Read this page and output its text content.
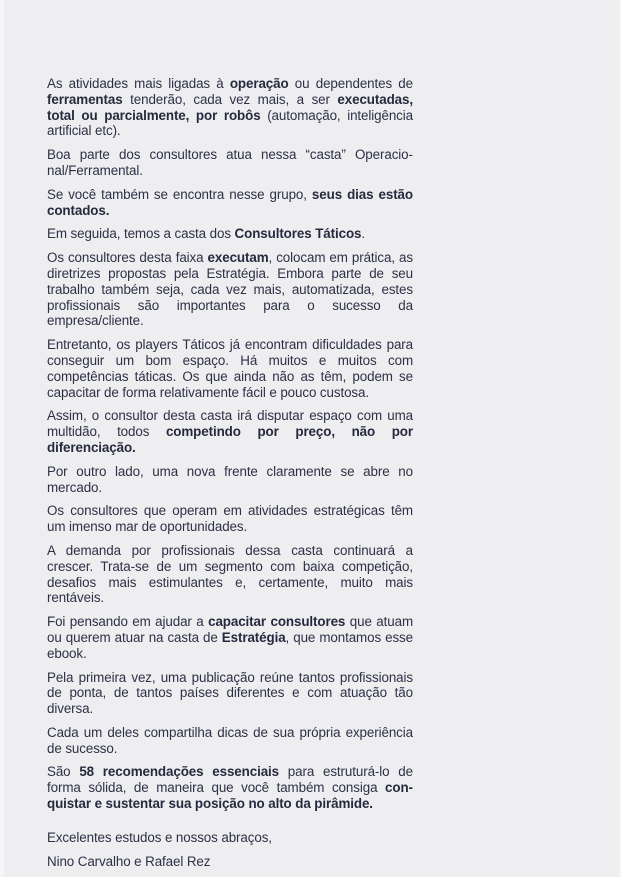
As atividades mais ligadas à operação ou dependentes de ferramentas tenderão, cada vez mais, a ser executadas, total ou parcialmente, por robôs (automação, inteligência artificial etc).

Boa parte dos consultores atua nessa “casta” Operacional/Ferramental.

Se você também se encontra nesse grupo, seus dias estão contados.

Em seguida, temos a casta dos Consultores Táticos.

Os consultores desta faixa executam, colocam em prática, as diretrizes propostas pela Estratégia. Embora parte de seu trabalho também seja, cada vez mais, automatizada, estes profissionais são importantes para o sucesso da empresa/cliente.

Entretanto, os players Táticos já encontram dificuldades para conseguir um bom espaço. Há muitos e muitos com competências táticas. Os que ainda não as têm, podem se capacitar de forma relativamente fácil e pouco custosa.

Assim, o consultor desta casta irá disputar espaço com uma multidão, todos competindo por preço, não por diferenciação.

Por outro lado, uma nova frente claramente se abre no mercado.

Os consultores que operam em atividades estratégicas têm um imenso mar de oportunidades.

A demanda por profissionais dessa casta continuará a crescer. Trata-se de um segmento com baixa competição, desafios mais estimulantes e, certamente, muito mais rentáveis.

Foi pensando em ajudar a capacitar consultores que atuam ou querem atuar na casta de Estratégia, que montamos esse ebook.

Pela primeira vez, uma publicação reúne tantos profissionais de ponta, de tantos países diferentes e com atuação tão diversa.

Cada um deles compartilha dicas de sua própria experiência de sucesso.

São 58 recomendações essenciais para estruturá-lo de forma sólida, de maneira que você também consiga conquistar e sustentar sua posição no alto da pirâmide.

Excelentes estudos e nossos abraços,

Nino Carvalho e Rafael Rez
